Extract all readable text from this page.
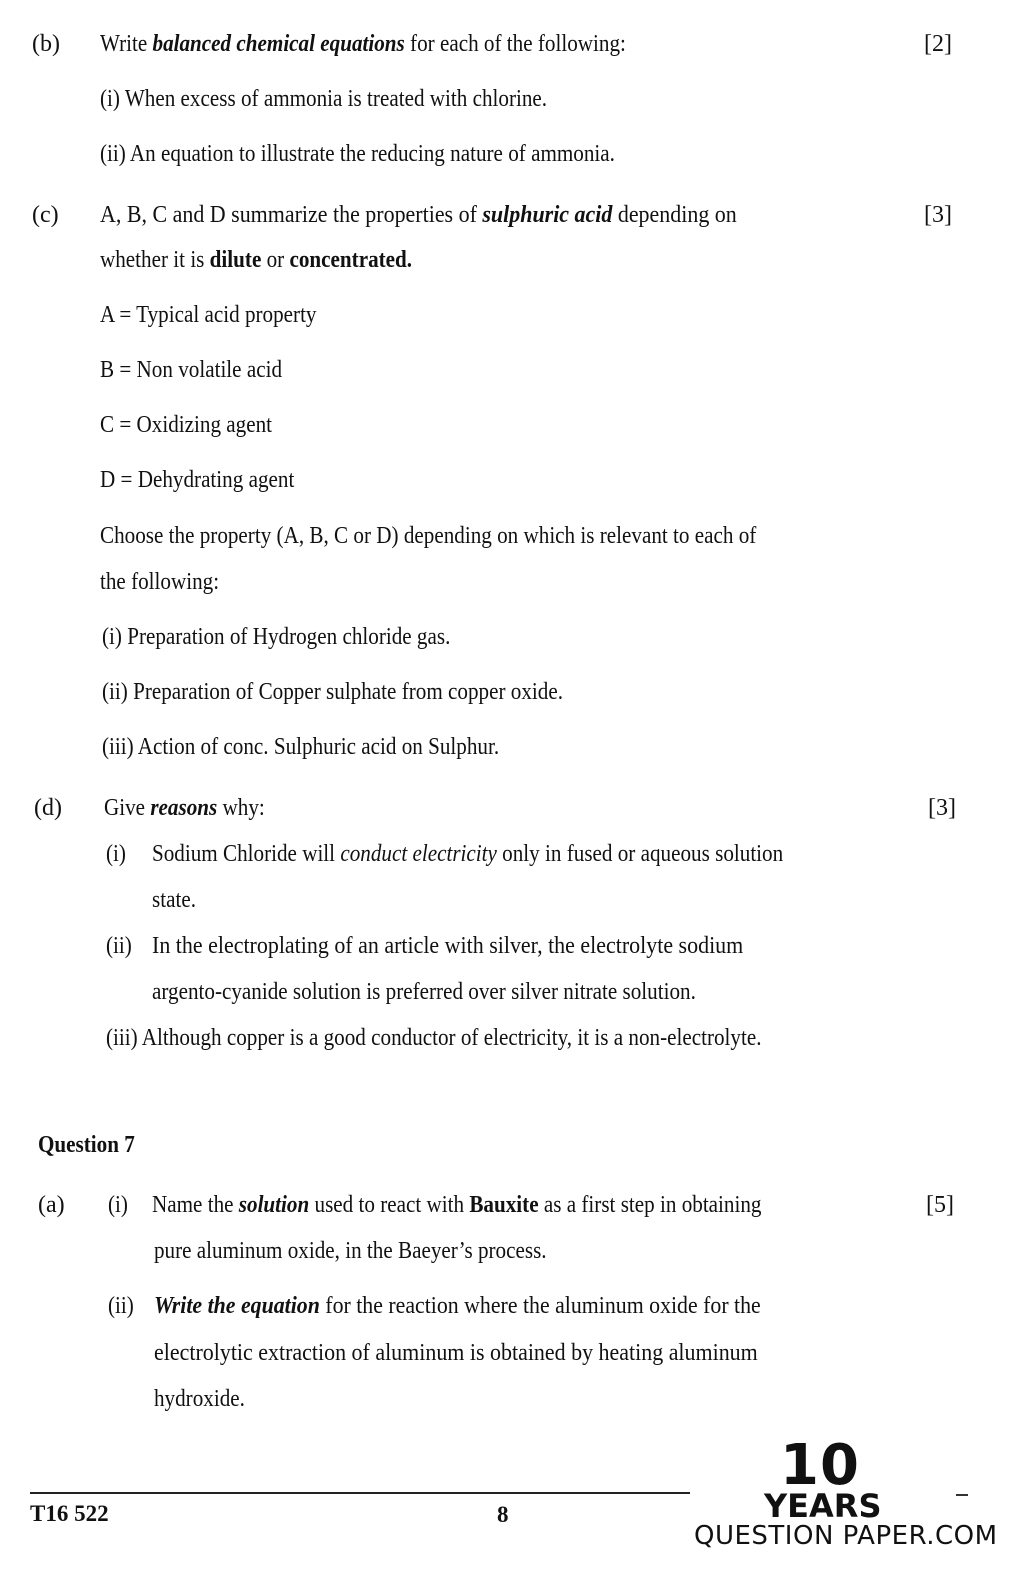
(b) Write balanced chemical equations for each of the following:	[2]
(i) When excess of ammonia is treated with chlorine.
(ii) An equation to illustrate the reducing nature of ammonia.
(c) A, B, C and D summarize the properties of sulphuric acid depending on	[3]
whether it is dilute or concentrated.
A = Typical acid property
B = Non volatile acid
C = Oxidizing agent
D = Dehydrating agent
Choose the property (A, B, C or D) depending on which is relevant to each of
the following:
(i) Preparation of Hydrogen chloride gas.
(ii) Preparation of Copper sulphate from copper oxide.
(iii) Action of conc. Sulphuric acid on Sulphur.
(d) Give reasons why:	[3]
(i) Sodium Chloride will conduct electricity only in fused or aqueous solution
state.
(ii) In the electroplating of an article with silver, the electrolyte sodium
argento-cyanide solution is preferred over silver nitrate solution.
(iii) Although copper is a good conductor of electricity, it is a non-electrolyte.
Question 7
(a) (i) Name the solution used to react with Bauxite as a first step in obtaining	[5]
pure aluminum oxide, in the Baeyer’s process.
(ii) Write the equation for the reaction where the aluminum oxide for the
electrolytic extraction of aluminum is obtained by heating aluminum
hydroxide.
T16 522	8
10
YEARS
QUESTION PAPER.COM
